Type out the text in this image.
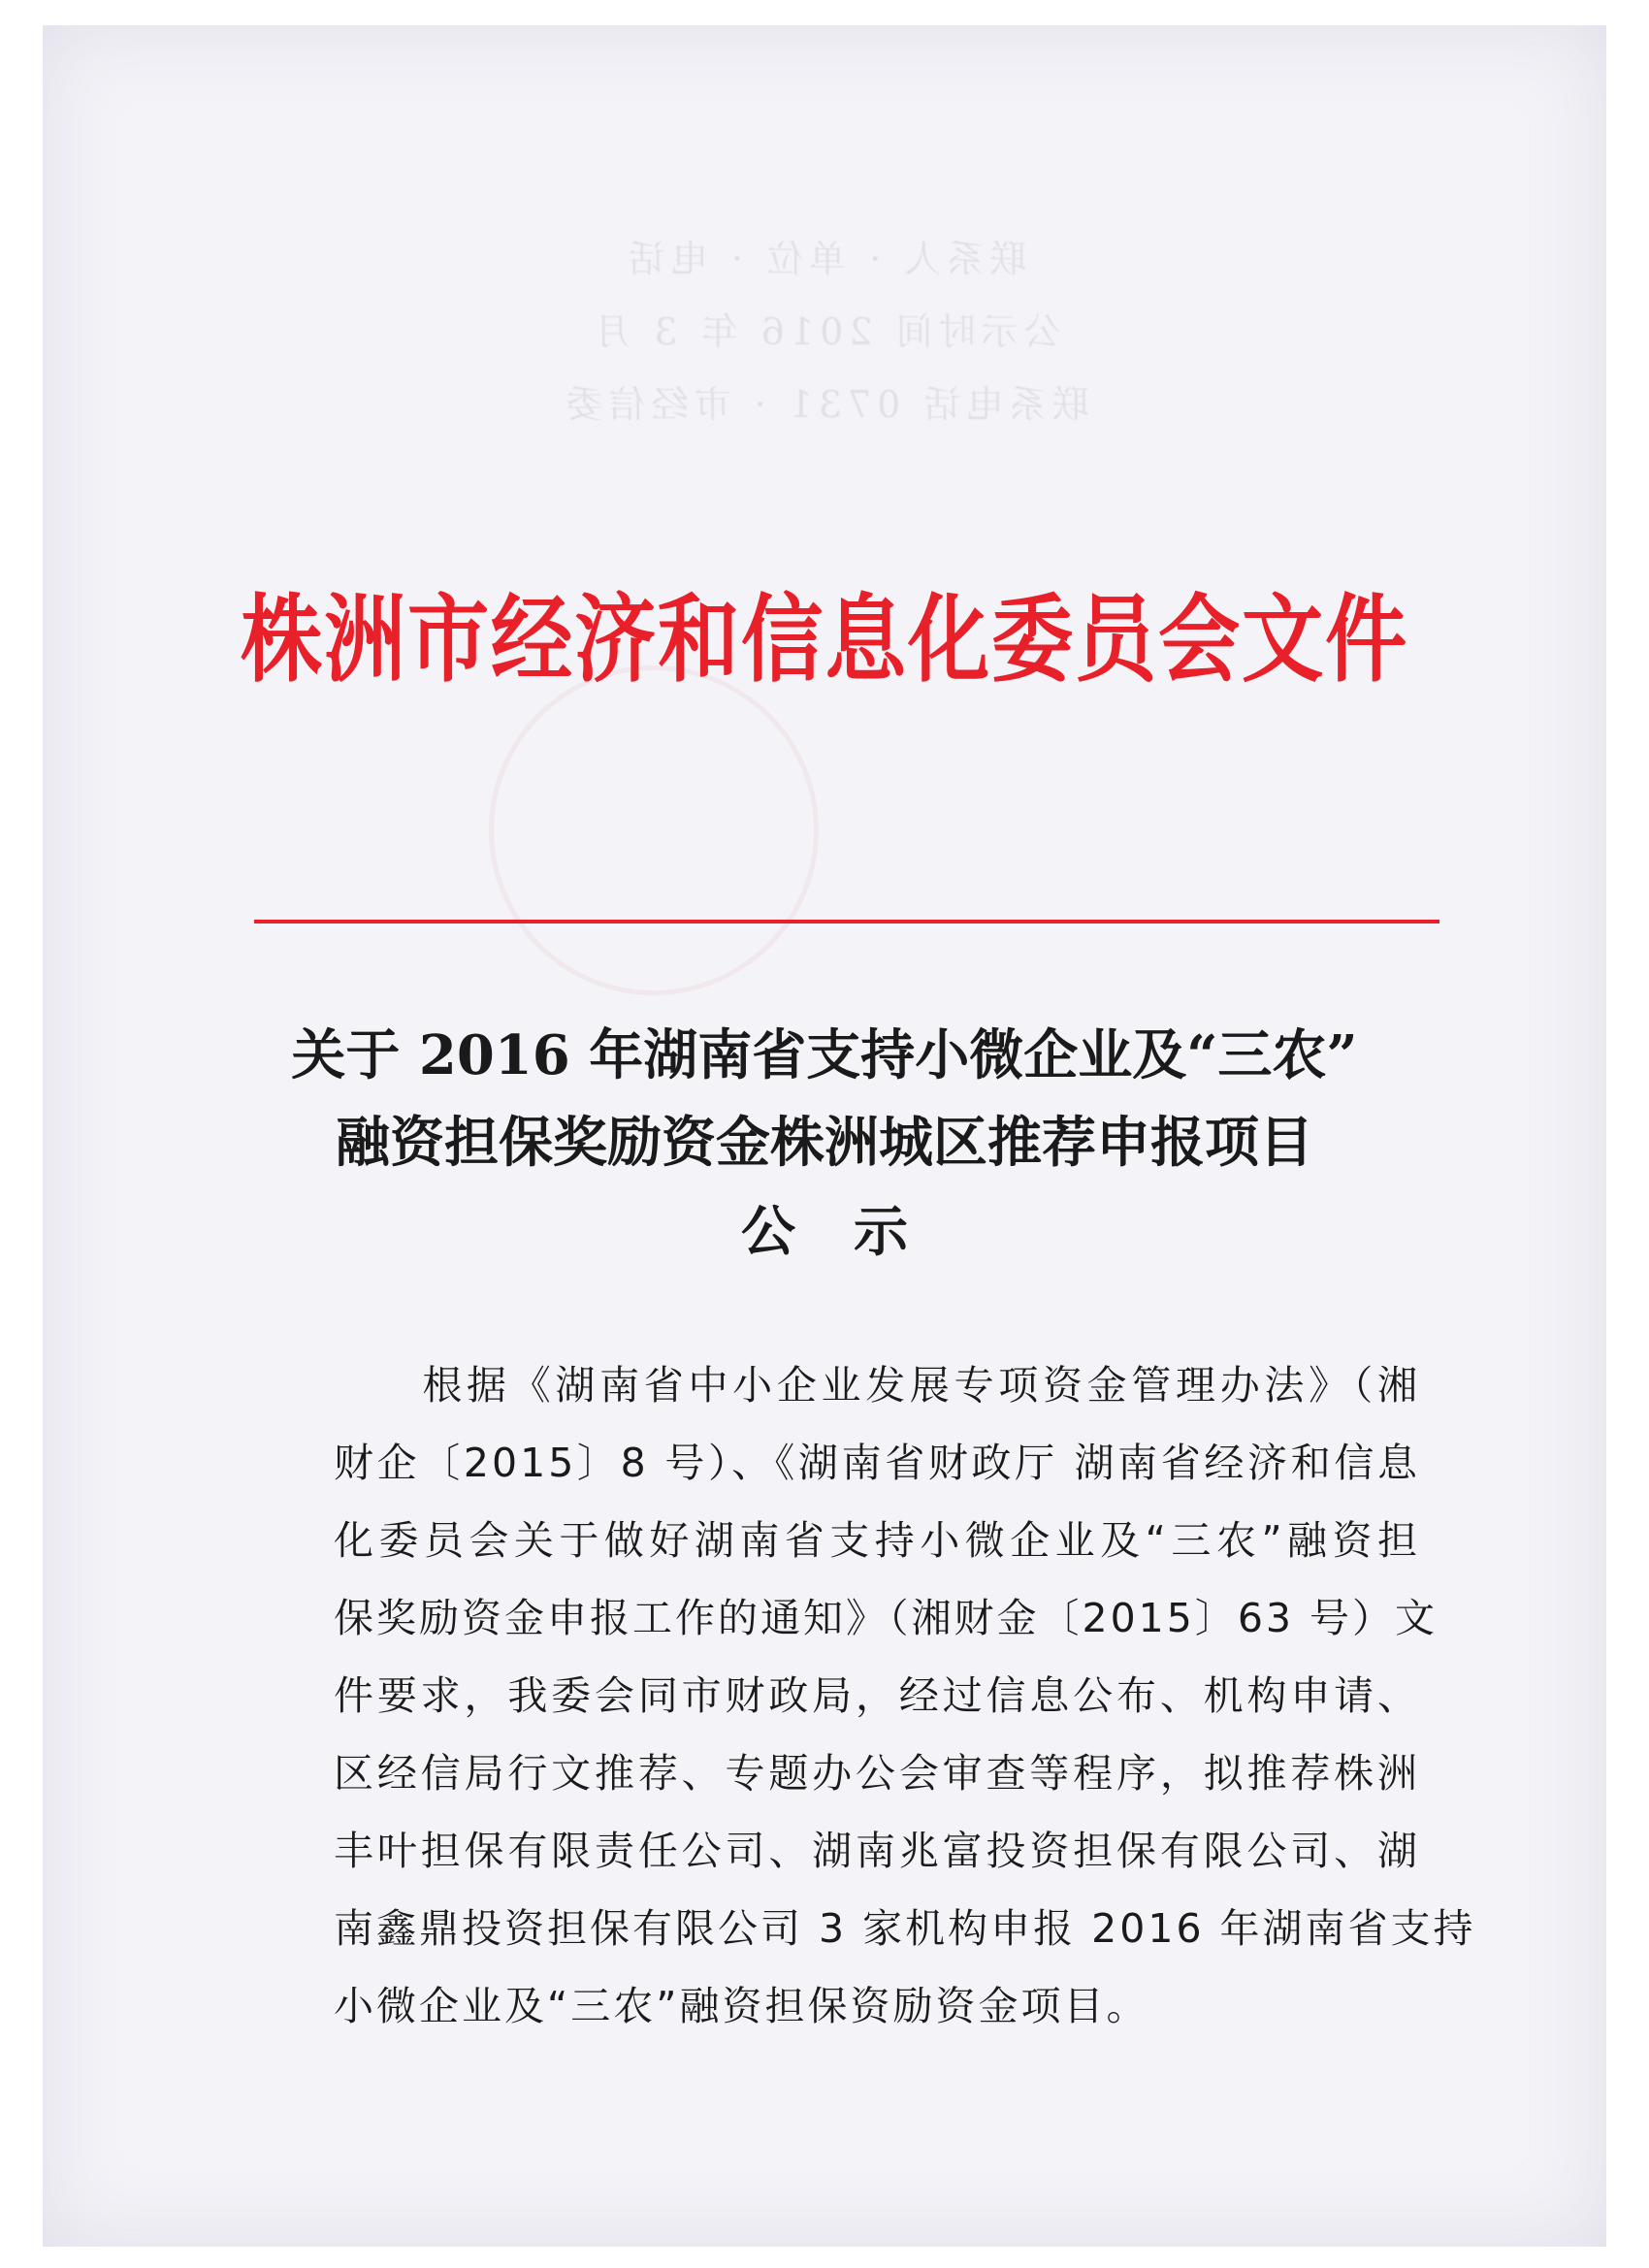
联系人 · 单位 · 电话
公示时间 2016 年 3 月
联系电话 0731 · 市经信委
株洲市经济和信息化委员会文件
关于 2016 年湖南省支持小微企业及“三农”
融资担保奖励资金株洲城区推荐申报项目
公示

　　根据《湖南省中小企业发展专项资金管理办法》（湘
财企〔2015〕8 号）、《湖南省财政厅 湖南省经济和信息
化委员会关于做好湖南省支持小微企业及“三农”融资担
保奖励资金申报工作的通知》（湘财金〔2015〕63 号）文
件要求，我委会同市财政局，经过信息公布、机构申请、
区经信局行文推荐、专题办公会审查等程序，拟推荐株洲
丰叶担保有限责任公司、湖南兆富投资担保有限公司、湖
南鑫鼎投资担保有限公司 3 家机构申报 2016 年湖南省支持
小微企业及“三农”融资担保资励资金项目。
